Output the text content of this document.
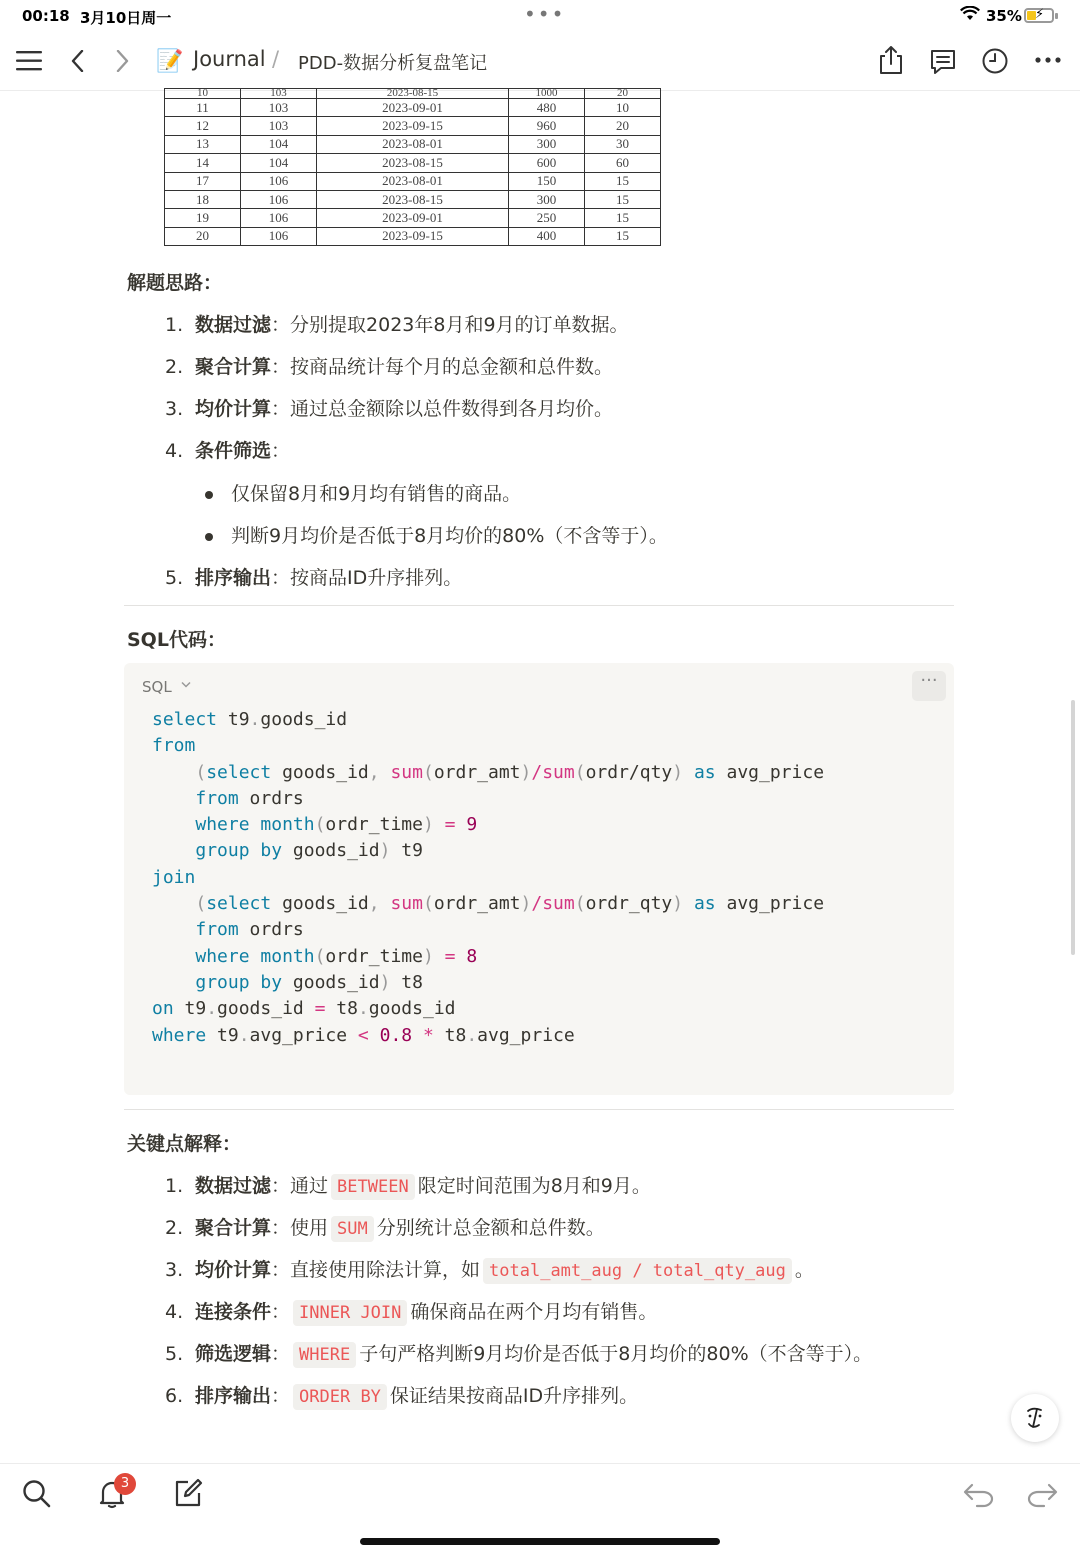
00:18 3月10日周一	•••	35% ⚡
📝 Journal / PDD-数据分析复盘笔记
10	103	2023-08-15	1000	20
11	103	2023-09-01	480	10
12	103	2023-09-15	960	20
13	104	2023-08-01	300	30
14	104	2023-08-15	600	60
17	106	2023-08-01	150	15
18	106	2023-08-15	300	15
19	106	2023-09-01	250	15
20	106	2023-09-15	400	15
解题思路：
1. 数据过滤：分别提取2023年8月和9月的订单数据。
2. 聚合计算：按商品统计每个月的总金额和总件数。
3. 均价计算：通过总金额除以总件数得到各月均价。
4. 条件筛选：
仅保留8月和9月均有销售的商品。
判断9月均价是否低于8月均价的80%（不含等于）。
5. 排序输出：按商品ID升序排列。
SQL代码：
SQL	···
select t9.goods_id
from
(select goods_id, sum(ordr_amt)/sum(ordr/qty) as avg_price
from ordrs
where month(ordr_time) = 9
group by goods_id) t9
join
(select goods_id, sum(ordr_amt)/sum(ordr_qty) as avg_price
from ordrs
where month(ordr_time) = 8
group by goods_id) t8
on t9.goods_id = t8.goods_id
where t9.avg_price < 0.8 * t8.avg_price
关键点解释：
1. 数据过滤：通过 BETWEEN 限定时间范围为8月和9月。
2. 聚合计算：使用 SUM 分别统计总金额和总件数。
3. 均价计算：直接使用除法计算，如 total_amt_aug / total_qty_aug 。
4. 连接条件： INNER JOIN 确保商品在两个月均有销售。
5. 筛选逻辑： WHERE 子句严格判断9月均价是否低于8月均价的80%（不含等于）。
6. 排序输出： ORDER BY 保证结果按商品ID升序排列。
3
